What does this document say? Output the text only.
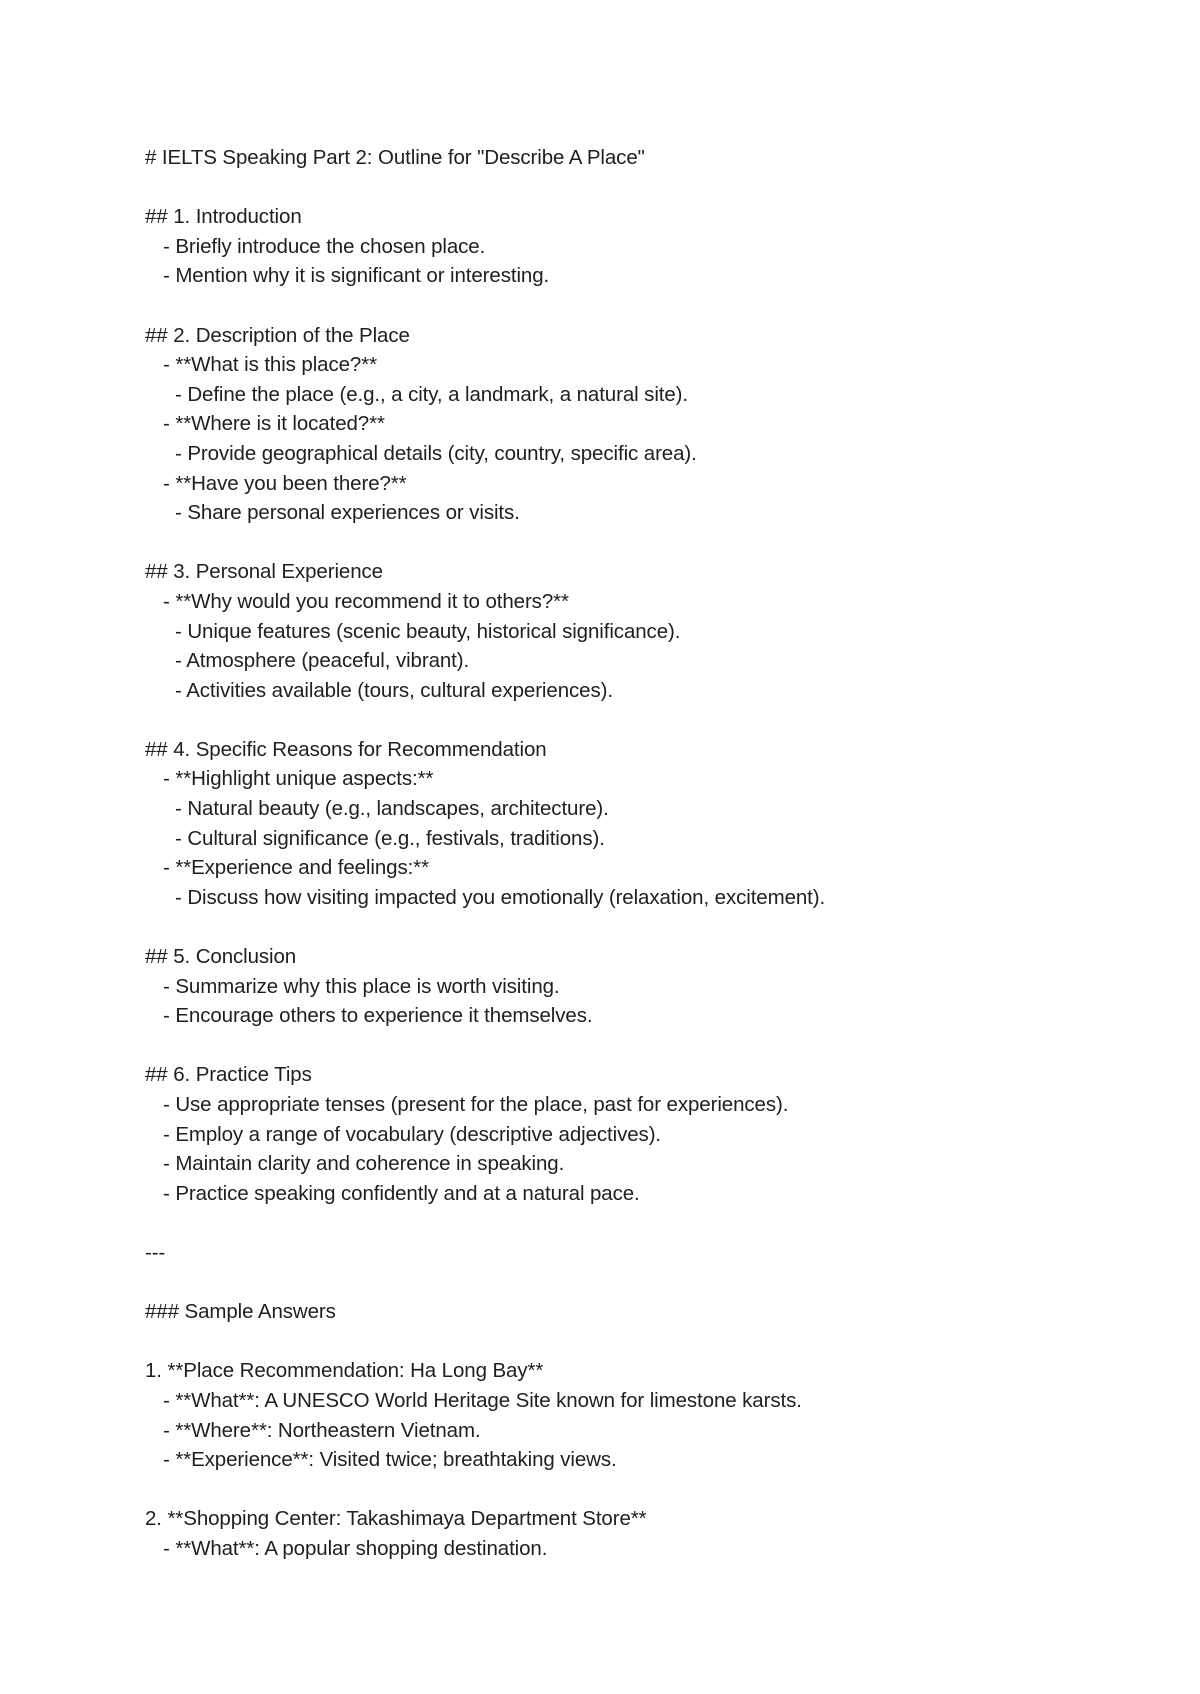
# IELTS Speaking Part 2: Outline for "Describe A Place"
## 1. Introduction
- Briefly introduce the chosen place.
- Mention why it is significant or interesting.
## 2. Description of the Place
- **What is this place?**
- Define the place (e.g., a city, a landmark, a natural site).
- **Where is it located?**
- Provide geographical details (city, country, specific area).
- **Have you been there?**
- Share personal experiences or visits.
## 3. Personal Experience
- **Why would you recommend it to others?**
- Unique features (scenic beauty, historical significance).
- Atmosphere (peaceful, vibrant).
- Activities available (tours, cultural experiences).
## 4. Specific Reasons for Recommendation
- **Highlight unique aspects:**
- Natural beauty (e.g., landscapes, architecture).
- Cultural significance (e.g., festivals, traditions).
- **Experience and feelings:**
- Discuss how visiting impacted you emotionally (relaxation, excitement).
## 5. Conclusion
- Summarize why this place is worth visiting.
- Encourage others to experience it themselves.
## 6. Practice Tips
- Use appropriate tenses (present for the place, past for experiences).
- Employ a range of vocabulary (descriptive adjectives).
- Maintain clarity and coherence in speaking.
- Practice speaking confidently and at a natural pace.
---
### Sample Answers
1. **Place Recommendation: Ha Long Bay**
- **What**: A UNESCO World Heritage Site known for limestone karsts.
- **Where**: Northeastern Vietnam.
- **Experience**: Visited twice; breathtaking views.
2. **Shopping Center: Takashimaya Department Store**
- **What**: A popular shopping destination.
